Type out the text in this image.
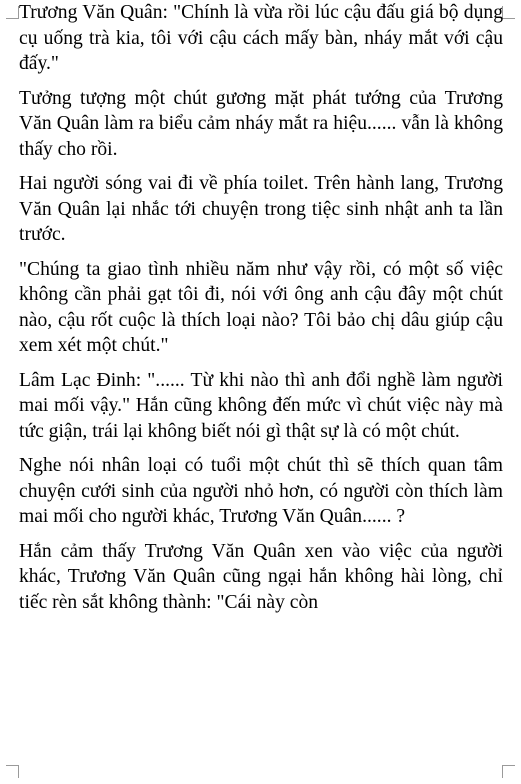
Trương Văn Quân: "Chính là vừa rồi lúc cậu đấu giá bộ dụng cụ uống trà kia, tôi với cậu cách mấy bàn, nháy mắt với cậu đấy."

Tưởng tượng một chút gương mặt phát tướng của Trương Văn Quân làm ra biểu cảm nháy mắt ra hiệu...... vẫn là không thấy cho rồi.

Hai người sóng vai đi về phía toilet. Trên hành lang, Trương Văn Quân lại nhắc tới chuyện trong tiệc sinh nhật anh ta lần trước.

"Chúng ta giao tình nhiều năm như vậy rồi, có một số việc không cần phải gạt tôi đi, nói với ông anh cậu đây một chút nào, cậu rốt cuộc là thích loại nào? Tôi bảo chị dâu giúp cậu xem xét một chút."

Lâm Lạc Đinh: "...... Từ khi nào thì anh đổi nghề làm người mai mối vậy." Hắn cũng không đến mức vì chút việc này mà tức giận, trái lại không biết nói gì thật sự là có một chút.

Nghe nói nhân loại có tuổi một chút thì sẽ thích quan tâm chuyện cưới sinh của người nhỏ hơn, có người còn thích làm mai mối cho người khác, Trương Văn Quân...... ?

Hắn cảm thấy Trương Văn Quân xen vào việc của người khác, Trương Văn Quân cũng ngại hắn không hài lòng, chỉ tiếc rèn sắt không thành: "Cái này còn
